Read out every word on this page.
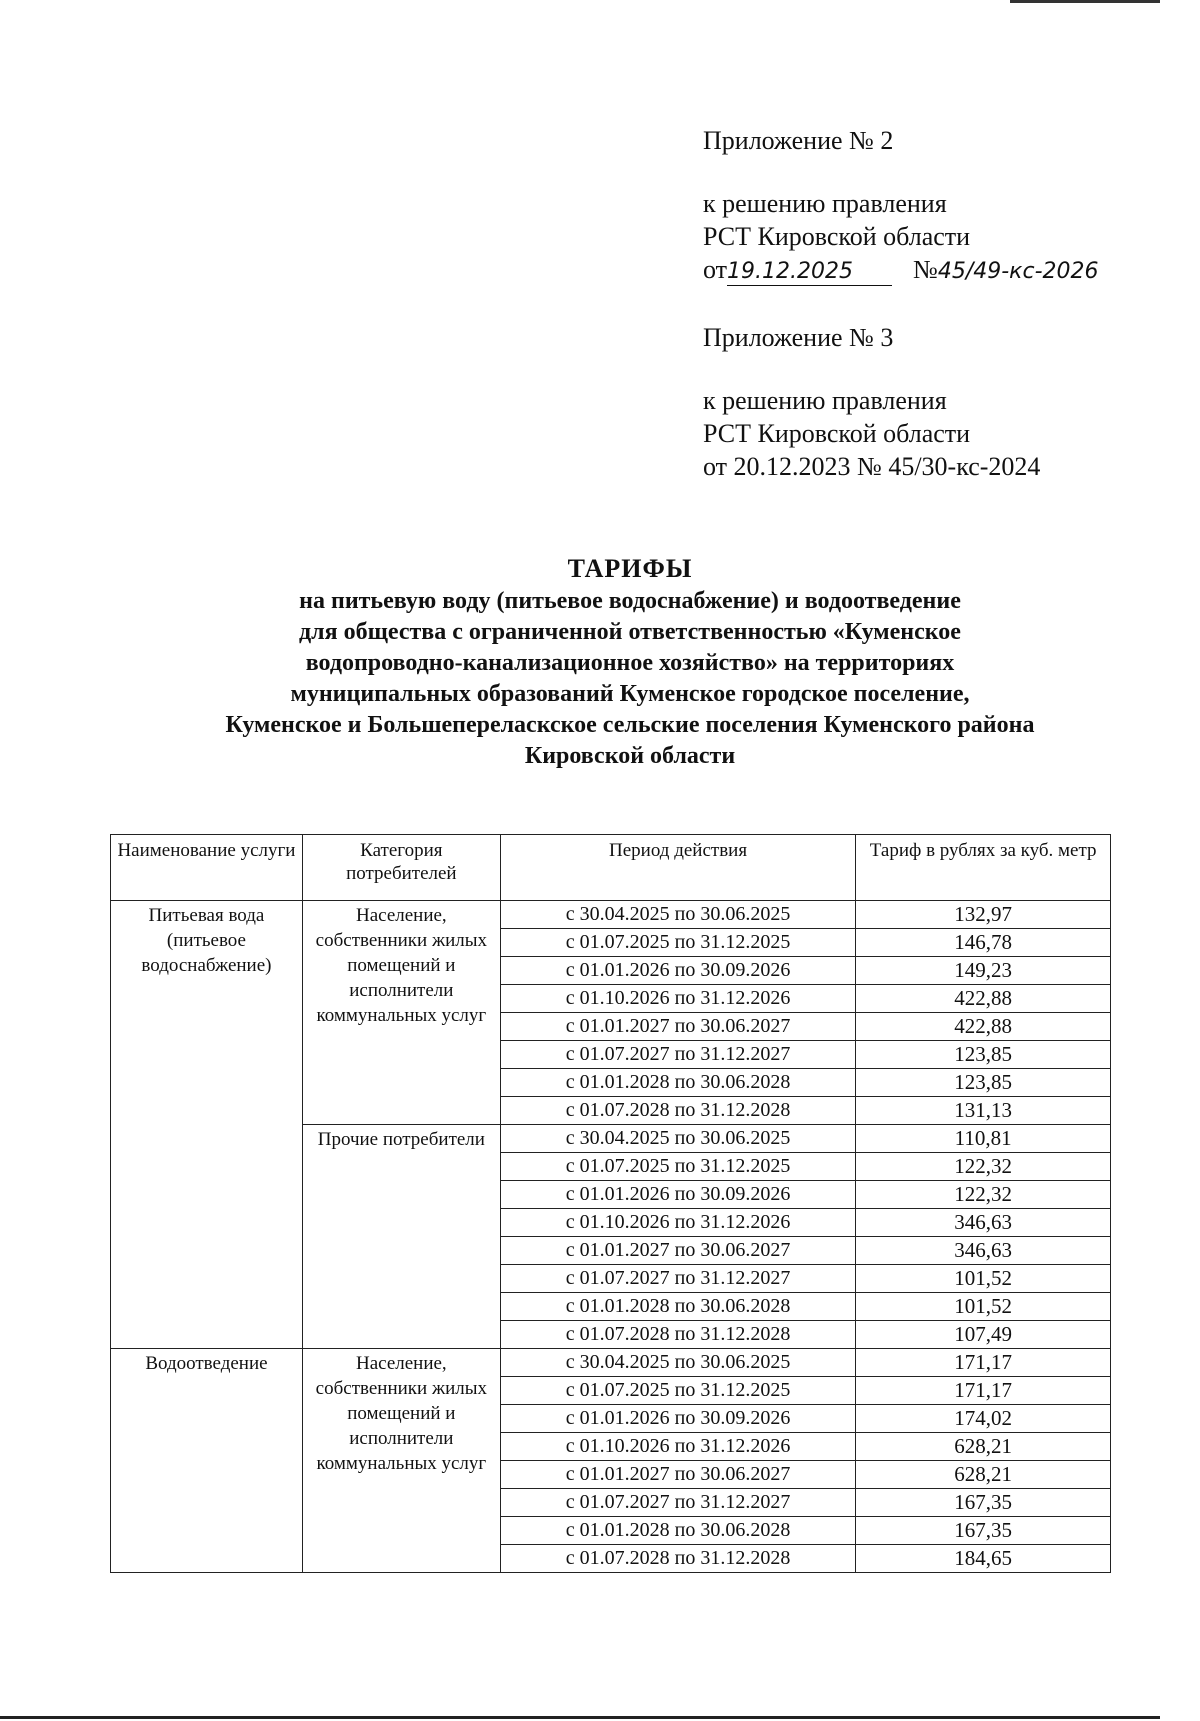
Приложение № 2
к решению правления
РСТ Кировской области
от19.12.2025 №45/49-кс-2026
Приложение № 3
к решению правления
РСТ Кировской области
от 20.12.2023 № 45/30-кс-2024
ТАРИФЫ
на питьевую воду (питьевое водоснабжение) и водоотведение
для общества с ограниченной ответственностью «Куменское
водопроводно-канализационное хозяйство» на территориях
муниципальных образований Куменское городское поселение,
Куменское и Большепереласкское сельские поселения Куменского района
Кировской области
Наименование услуги	Категория потребителей	Период действия	Тариф в рублях за куб. метр
Питьевая вода (питьевое водоснабжение)	Население, собственники жилых помещений и исполнители коммунальных услуг	с 30.04.2025 по 30.06.2025	132,97
		с 01.07.2025 по 31.12.2025	146,78
		с 01.01.2026 по 30.09.2026	149,23
		с 01.10.2026 по 31.12.2026	422,88
		с 01.01.2027 по 30.06.2027	422,88
		с 01.07.2027 по 31.12.2027	123,85
		с 01.01.2028 по 30.06.2028	123,85
		с 01.07.2028 по 31.12.2028	131,13
	Прочие потребители	с 30.04.2025 по 30.06.2025	110,81
		с 01.07.2025 по 31.12.2025	122,32
		с 01.01.2026 по 30.09.2026	122,32
		с 01.10.2026 по 31.12.2026	346,63
		с 01.01.2027 по 30.06.2027	346,63
		с 01.07.2027 по 31.12.2027	101,52
		с 01.01.2028 по 30.06.2028	101,52
		с 01.07.2028 по 31.12.2028	107,49
Водоотведение	Население, собственники жилых помещений и исполнители коммунальных услуг	с 30.04.2025 по 30.06.2025	171,17
		с 01.07.2025 по 31.12.2025	171,17
		с 01.01.2026 по 30.09.2026	174,02
		с 01.10.2026 по 31.12.2026	628,21
		с 01.01.2027 по 30.06.2027	628,21
		с 01.07.2027 по 31.12.2027	167,35
		с 01.01.2028 по 30.06.2028	167,35
		с 01.07.2028 по 31.12.2028	184,65
